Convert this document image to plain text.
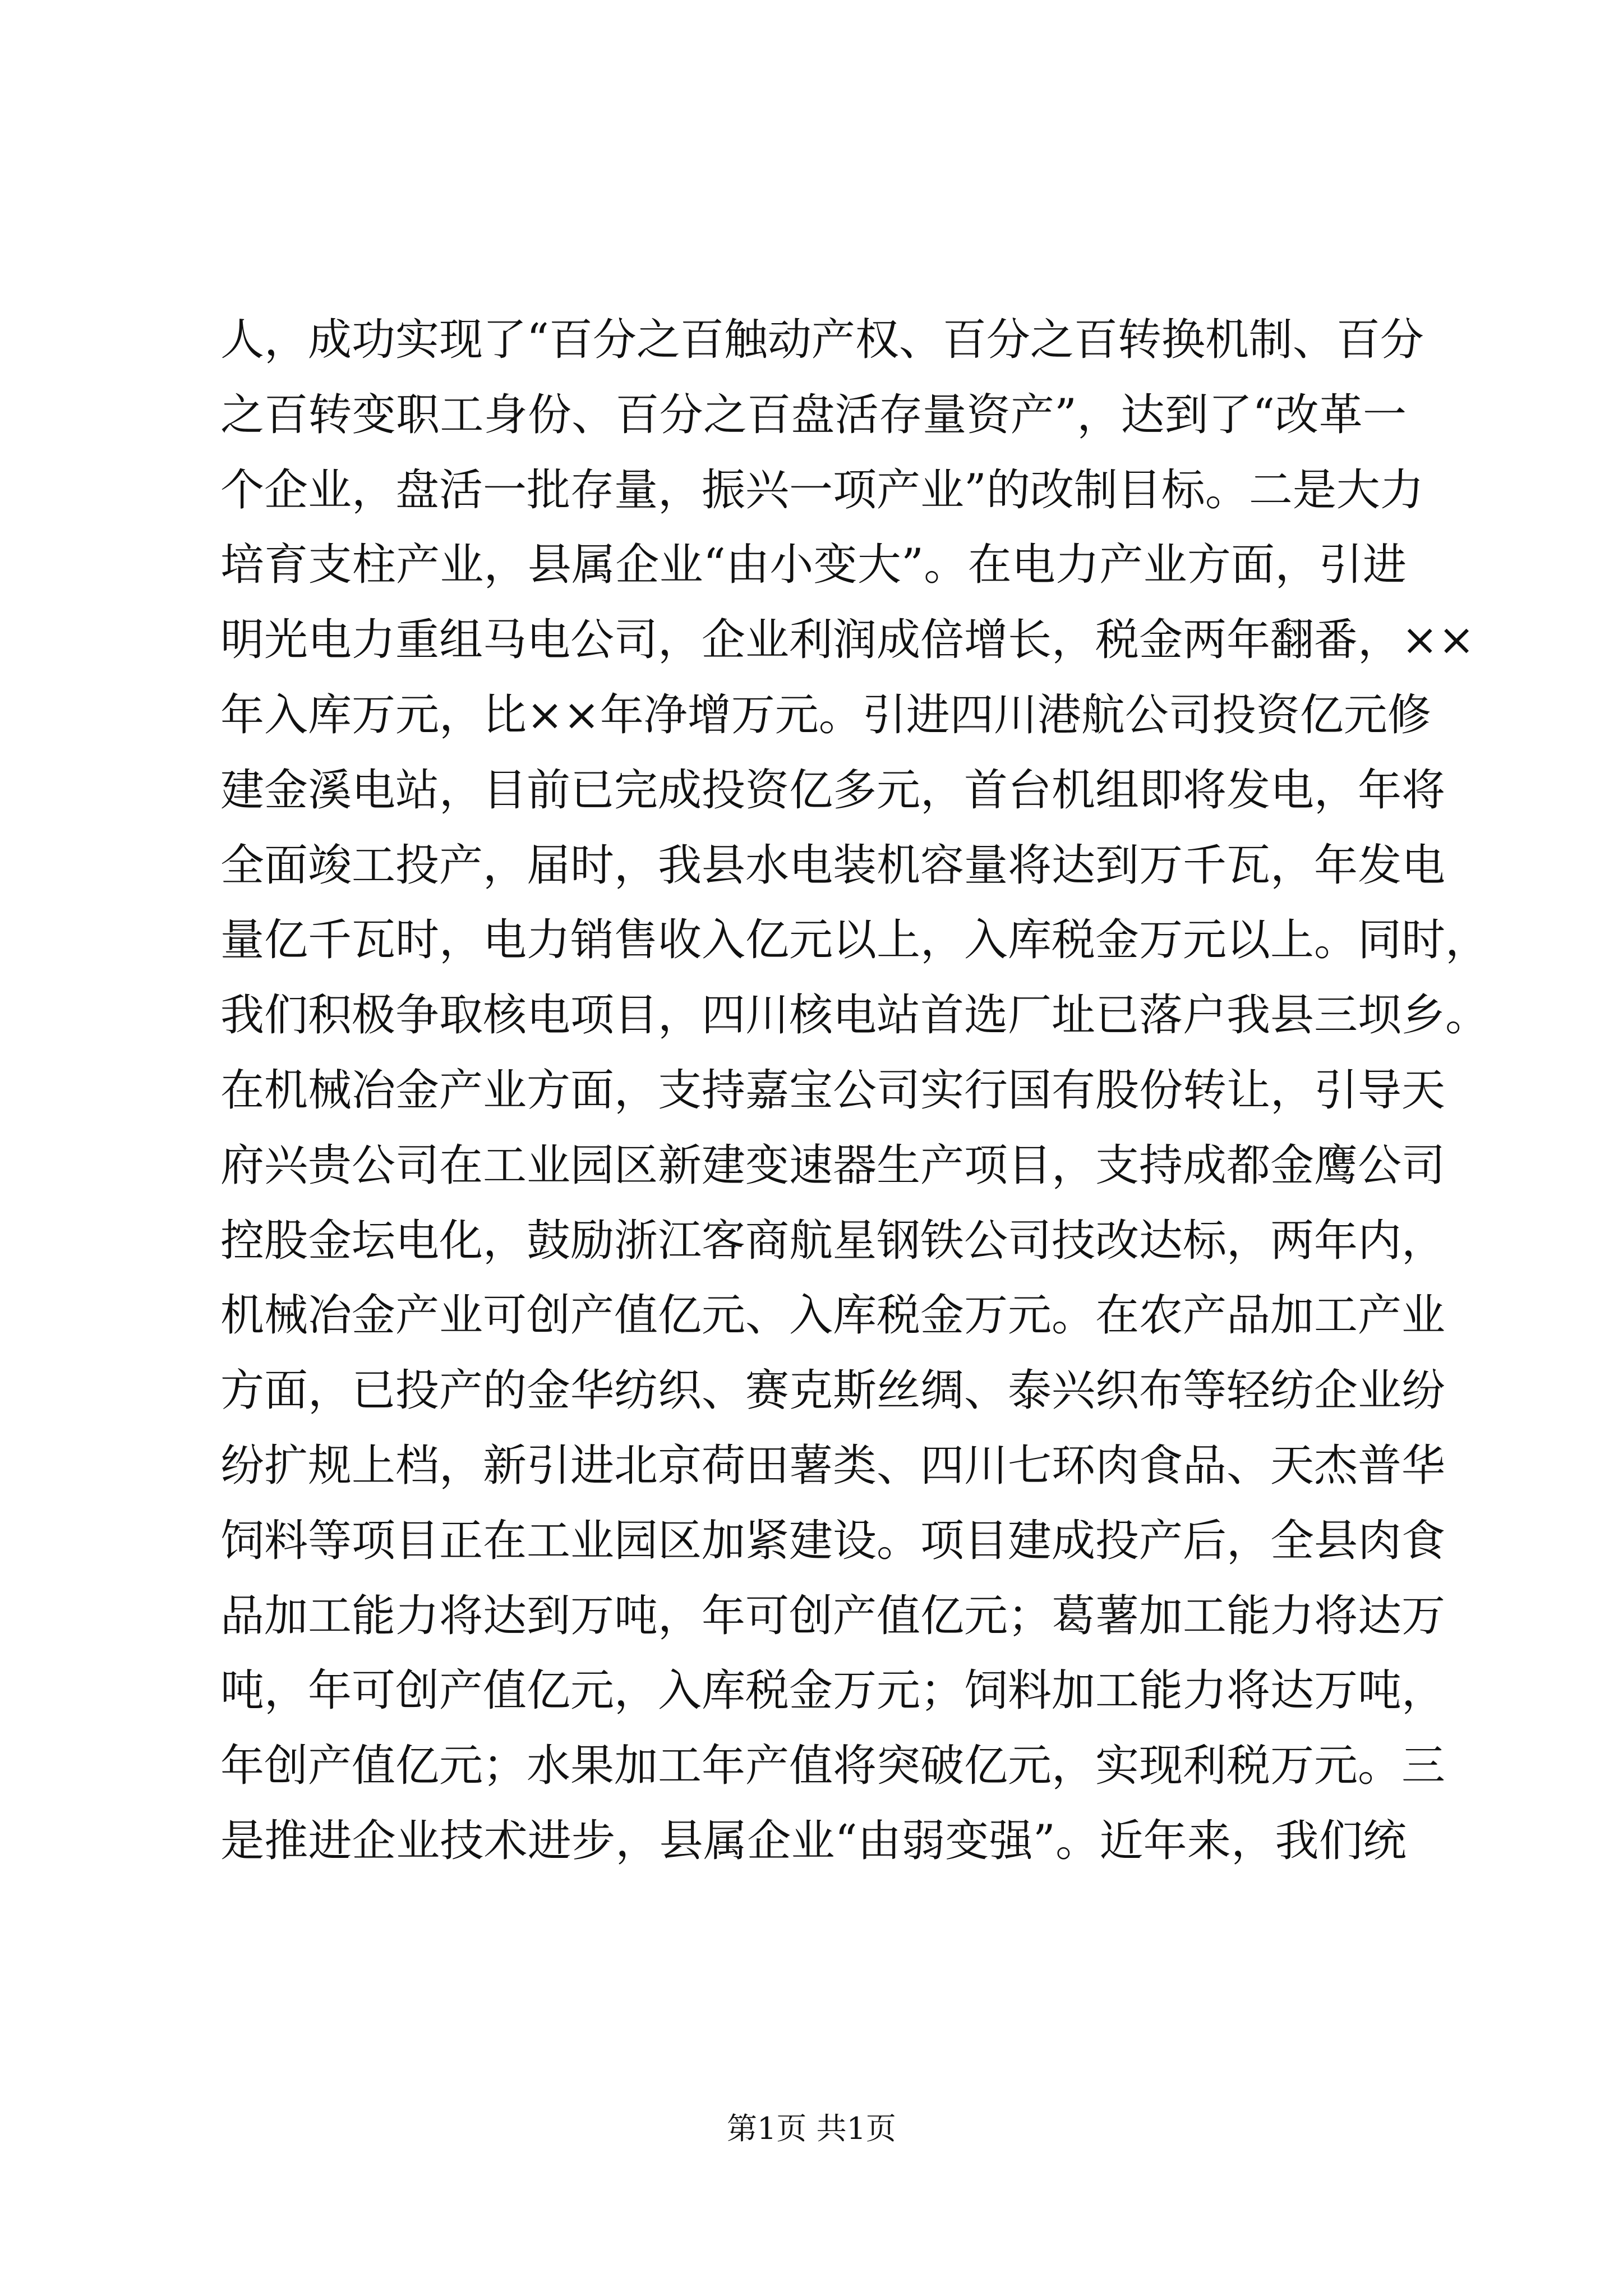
人，成功实现了“百分之百触动产权、百分之百转换机制、百分
之百转变职工身份、百分之百盘活存量资产”，达到了“改革一
个企业，盘活一批存量，振兴一项产业”的改制目标。二是大力
培育支柱产业，县属企业“由小变大”。在电力产业方面，引进
明光电力重组马电公司，企业利润成倍增长，税金两年翻番，××
年入库万元，比××年净增万元。引进四川港航公司投资亿元修
建金溪电站，目前已完成投资亿多元，首台机组即将发电，年将
全面竣工投产，届时，我县水电装机容量将达到万千瓦，年发电
量亿千瓦时，电力销售收入亿元以上，入库税金万元以上。同时，
我们积极争取核电项目，四川核电站首选厂址已落户我县三坝乡。
在机械冶金产业方面，支持嘉宝公司实行国有股份转让，引导天
府兴贵公司在工业园区新建变速器生产项目，支持成都金鹰公司
控股金坛电化，鼓励浙江客商航星钢铁公司技改达标，两年内，
机械冶金产业可创产值亿元、入库税金万元。在农产品加工产业
方面，已投产的金华纺织、赛克斯丝绸、泰兴织布等轻纺企业纷
纷扩规上档，新引进北京荷田薯类、四川七环肉食品、天杰普华
饲料等项目正在工业园区加紧建设。项目建成投产后，全县肉食
品加工能力将达到万吨，年可创产值亿元；葛薯加工能力将达万
吨，年可创产值亿元，入库税金万元；饲料加工能力将达万吨，
年创产值亿元；水果加工年产值将突破亿元，实现利税万元。三
是推进企业技术进步，县属企业“由弱变强”。近年来，我们统
第1页 共1页
